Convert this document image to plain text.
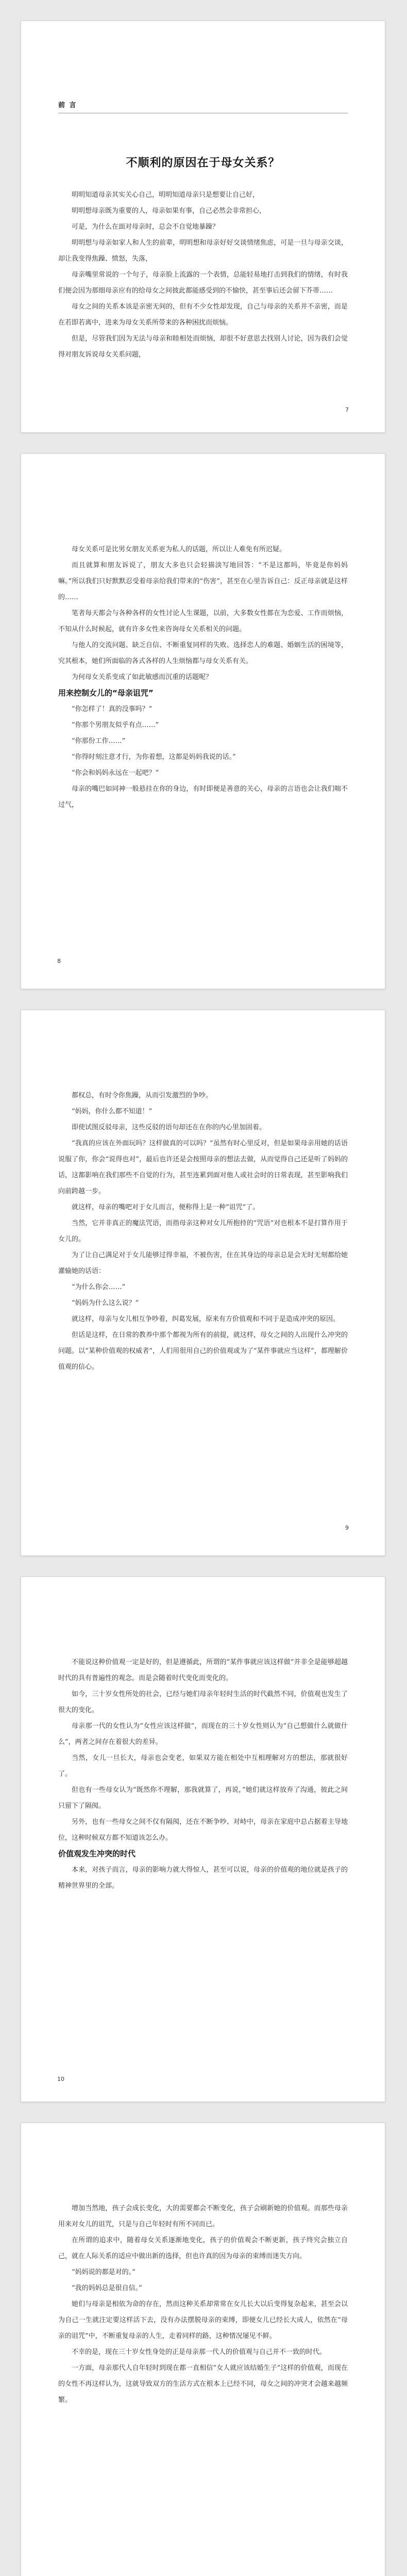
前 言
不顺利的原因在于母女关系？

明明知道母亲其实关心自己，明明知道母亲只是想要让自己好，

明明想母亲既为重要的人，母亲如果有事，自己必然会非常担心，

可是，为什么在面对母亲时，总会不自觉地暴躁？

明明想与母亲如家人和人生的前辈，明明想和母亲好好交谈情绪焦虑，可是一旦与母亲交谈，却让我变得焦躁、愤怒，失落，

母亲嘴里常说的一个句子，母亲脸上流露的一个表情，总能轻易地打击到我们的情绪，有时我们便会因为那细母亲应有的给母女之间彼此都能感受到的不愉快，甚至事后还会留下芥蒂……

母女之间的关系本该是亲密无间的，但有不少女性却发现，自己与母亲的关系并不亲密，而是在若即若离中，进来为母女关系所带来的各种困扰而烦恼。

但是，尽管我们因为无法与母亲和睦相处而烦恼，却很不好意思去找别人讨论，因为我们会觉得对朋友诉说母女关系问题，

7

母女关系可是比男女朋友关系更为私人的话题，所以让人难免有所迟疑。

而且就算和朋友诉说了，朋友大多也只会轻描淡写地回答：“不是这都吗，毕竟是你妈妈嘛。”所以我们只好默默忍受着母亲给我们带来的“伤害”，甚至在心里告诉自己：反正母亲就是这样的……

笔者每天都会与各种各样的女性讨论人生课题，以前，大多数女性都在为恋爱、工作而烦恼，不知从什么时候起，就有许多女性来咨询母女关系相关的问题。

与他人的交流问题、缺乏自信、不断重复同样的失败、选择恋人的难题、婚姻生活的困境等，究其根本，她们所面临的各式各样的人生烦恼都与母女关系有关。

为何母女关系变成了如此敏感而沉重的话题呢？

用来控制女儿的“母亲诅咒”

“你怎样了！真的没事吗？”

“你那个男朋友似乎有点……”

“你那份工作……”

“你得时刻注意才行，为你着想，这都是妈妈我说的话。”

“你会和妈妈永远在一起吧？”

母亲的嘴巴如同神一般悬挂在你的身边，有时即便是善意的关心，母亲的言语也会让我们喘不过气，

8

都权总，有时令你焦躁，从而引发激烈的争吵。

“妈妈，你什么都不知道！”

即使试图反驳母亲，这些反驳的语句却还在在你的内心里加固着。

“我真的应该在外面玩吗？这样做真的可以吗？”虽然有时心里反对，但是如果母亲用她的话语说服了你，你会“说得也对”，最后也许还是会按照母亲的想法去做，从而觉得自己还是听了妈妈的话，这都影响在我们那些不自觉的行为，甚至连累到面对他人或社会时的日常表现，甚至影响我们向前跨越一步。

就这样，母亲的嘴吧对于女儿而言，便称得上是一种“诅咒”了。

当然，它并非真正的魔法咒语，而指母亲这种对女儿所抱持的“咒语”对也根本不是打算作用于女儿的。

为了让自己满足对于女儿能够过得幸福，不被伤害，住在其身边的母亲总是会无时无刻都给她灌输她的话语：

“为什么你会……”

“妈妈为什么这么说？”

就这样，母亲与女儿相互争吵着，纠葛发展，原来有方价值观和不同于是造成冲突的原因。

但话是这样，在日常的教养中那个都视为所有的前提，就这样，母女之间的人出现什么冲突的问题。以“某种价值观的权威者”，人们用很用自己的价值观或为了“某件事就应当这样”，都理解价值观的信心。

9

不能说这种价值观一定是好的，但是遵循此，所谓的“某件事就应该这样做”并非全是能够超越时代的具有普遍性的观念。而是会随着时代变化而变化的。

如今，三十岁女性所处的社会，已经与她们母亲年轻时生活的时代截然不同，价值观也发生了很大的变化。

母亲那一代的女性认为“女性应该这样做”，而现在的三十岁女性则认为“自己想做什么就做什么”，两者之间存在着很大的差异。

当然，女儿一旦长大，母亲也会变老，如果双方能在相处中互相理解对方的想法，那就很好了。

但也有一些母女认为“既然你不理解，那我就算了，再说，”她们就这样放弃了沟通，彼此之间只留下了隔阂。

另外，也有一些母女之间不仅有隔阂，还在不断争吵、对峙中，母亲在家庭中总占据着主导地位，这种时候双方都不知道该怎么办。

价值观发生冲突的时代

本来，对孩子而言，母亲的影响力就大得惊人，甚至可以说，母亲的价值观的地位就是孩子的精神世界里的全部。

10

增加当然地，孩子会成长变化，大的需要都会不断变化，孩子会刷新她的价值观。而那些母亲用来对女儿的诅咒，只是与自己年轻时有所不同而已。

在所谓的追求中，随着母女关系逐渐地变化，孩子的价值观会不断更新，孩子终究会独立自己，就在人际关系的适应中做出新的选择，但也许真的因为母亲的束缚而迷失方向。

“妈妈说的都是对的。”

“我的妈妈总是很自信。”

她们与母亲是相依为命的存在，然而这种关系却常常在女儿长大以后变得复杂起来，甚至会以为自己一生就注定要这样活下去，没有办法摆脱母亲的束缚，即便女儿已经长大成人，依然在“母亲的诅咒”中，不断重复母亲的人生，走着同样的路，这种情况屡见不鲜。

不幸的是，现在三十岁女性身处的正是母亲那一代人的价值观与自己并不一致的时代。

一方面，母亲那代人自年轻时到现在都一直相信“女人就应该结婚生子”这样的价值观，而现在的女性不再这样认为，这就导致双方的生活方式在根本上已经不同，母女之间的冲突才会越来越频繁。
